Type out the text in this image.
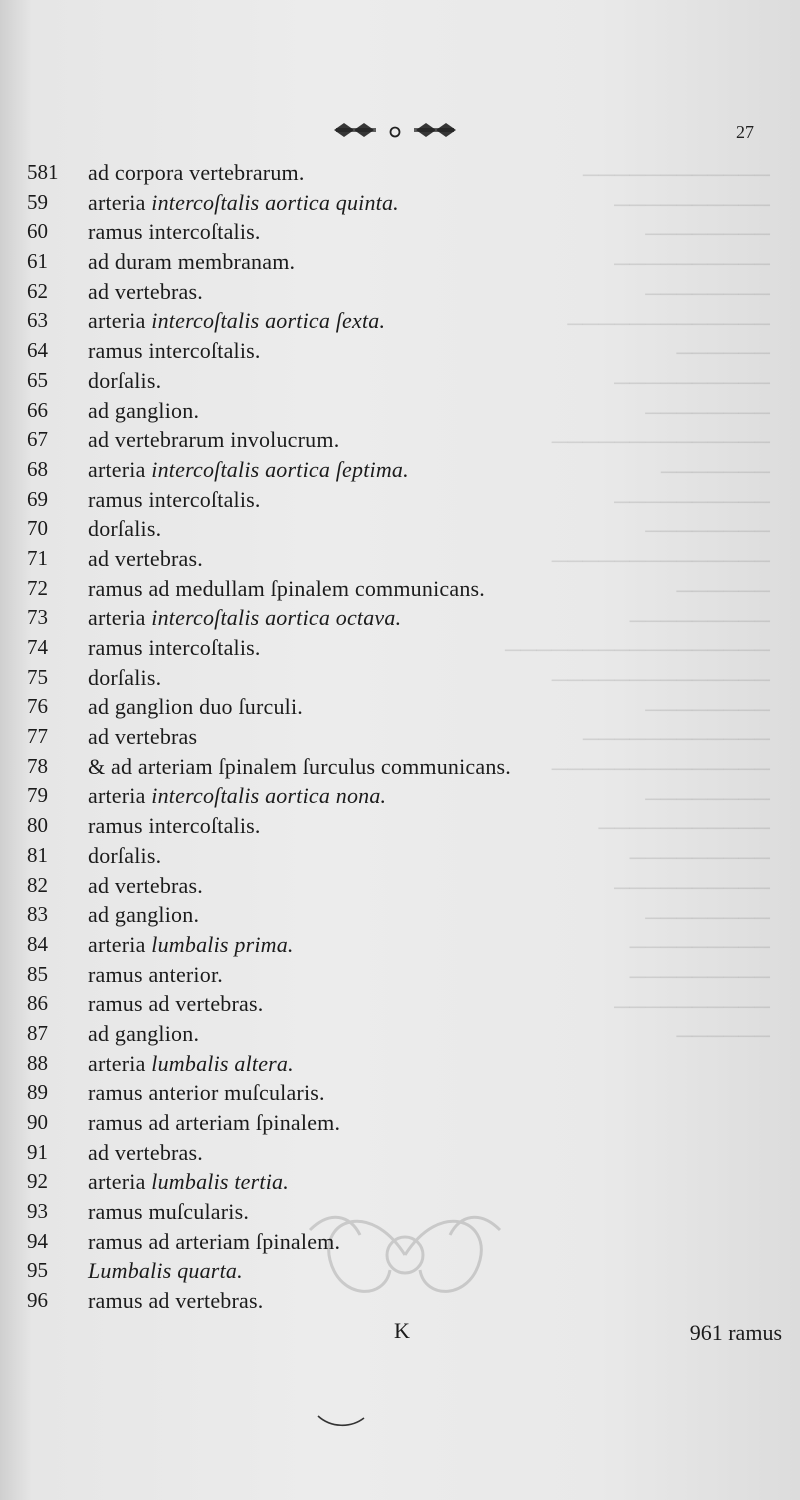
────────────
──────────
────────
──────────
────────
─────────────
──────
──────────
────────
──────────────
───────
──────────
────────
──────────────
──────
─────────
─────────────────
──────────────
────────
────────────
──────────────
────────
───────────
─────────
──────────
────────
─────────
─────────
──────────
──────
27
581	ad corpora vertebrarum.
59	arteria intercoſtalis aortica quinta.
60	ramus intercoſtalis.
61	ad duram membranam.
62	ad vertebras.
63	arteria intercoſtalis aortica ſexta.
64	ramus intercoſtalis.
65	dorſalis.
66	ad ganglion.
67	ad vertebrarum involucrum.
68	arteria intercoſtalis aortica ſeptima.
69	ramus intercoſtalis.
70	dorſalis.
71	ad vertebras.
72	ramus ad medullam ſpinalem communicans.
73	arteria intercoſtalis aortica octava.
74	ramus intercoſtalis.
75	dorſalis.
76	ad ganglion duo ſurculi.
77	ad vertebras
78	& ad arteriam ſpinalem ſurculus communicans.
79	arteria intercoſtalis aortica nona.
80	ramus intercoſtalis.
81	dorſalis.
82	ad vertebras.
83	ad ganglion.
84	arteria lumbalis prima.
85	ramus anterior.
86	ramus ad vertebras.
87	ad ganglion.
88	arteria lumbalis altera.
89	ramus anterior muſcularis.
90	ramus ad arteriam ſpinalem.
91	ad vertebras.
92	arteria lumbalis tertia.
93	ramus muſcularis.
94	ramus ad arteriam ſpinalem.
95	Lumbalis quarta.
96	ramus ad vertebras.
K	961 ramus
